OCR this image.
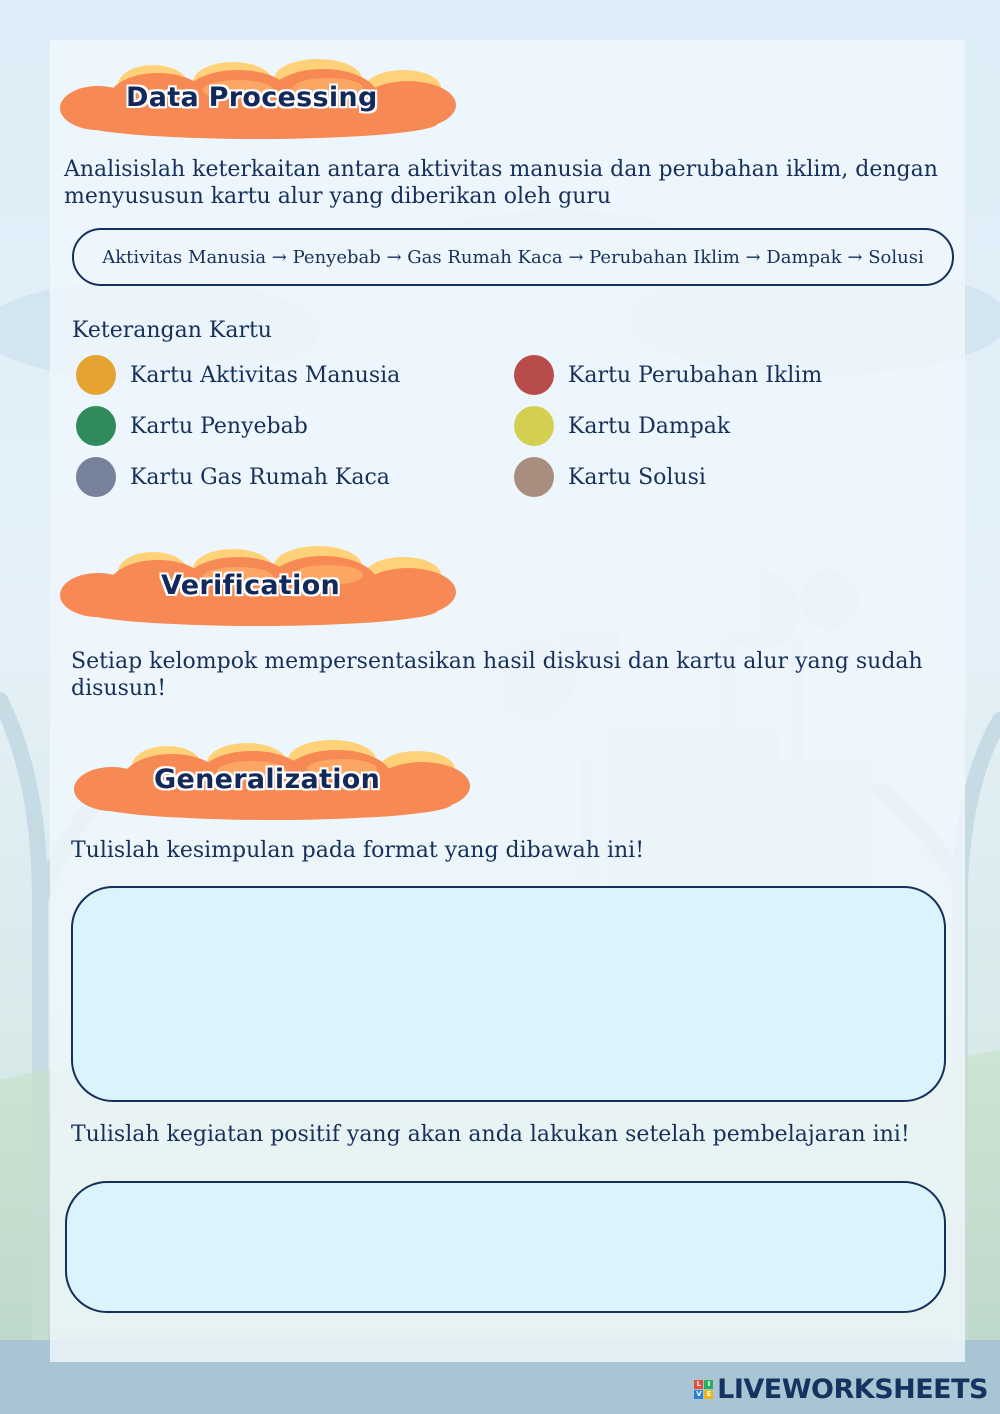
Data Processing
Analisislah keterkaitan antara aktivitas manusia dan perubahan iklim, dengan menyususun kartu alur yang diberikan oleh guru
Aktivitas Manusia → Penyebab → Gas Rumah Kaca → Perubahan Iklim → Dampak → Solusi
Keterangan Kartu
Kartu Aktivitas Manusia
Kartu Penyebab
Kartu Gas Rumah Kaca
Kartu Perubahan Iklim
Kartu Dampak
Kartu Solusi
Verification
Setiap kelompok mempersentasikan hasil diskusi dan kartu alur yang sudah disusun!
Generalization
Tulislah kesimpulan pada format yang dibawah ini!
Tulislah kegiatan positif yang akan anda lakukan setelah pembelajaran ini!
L I
V E LIVEWORKSHEETS
